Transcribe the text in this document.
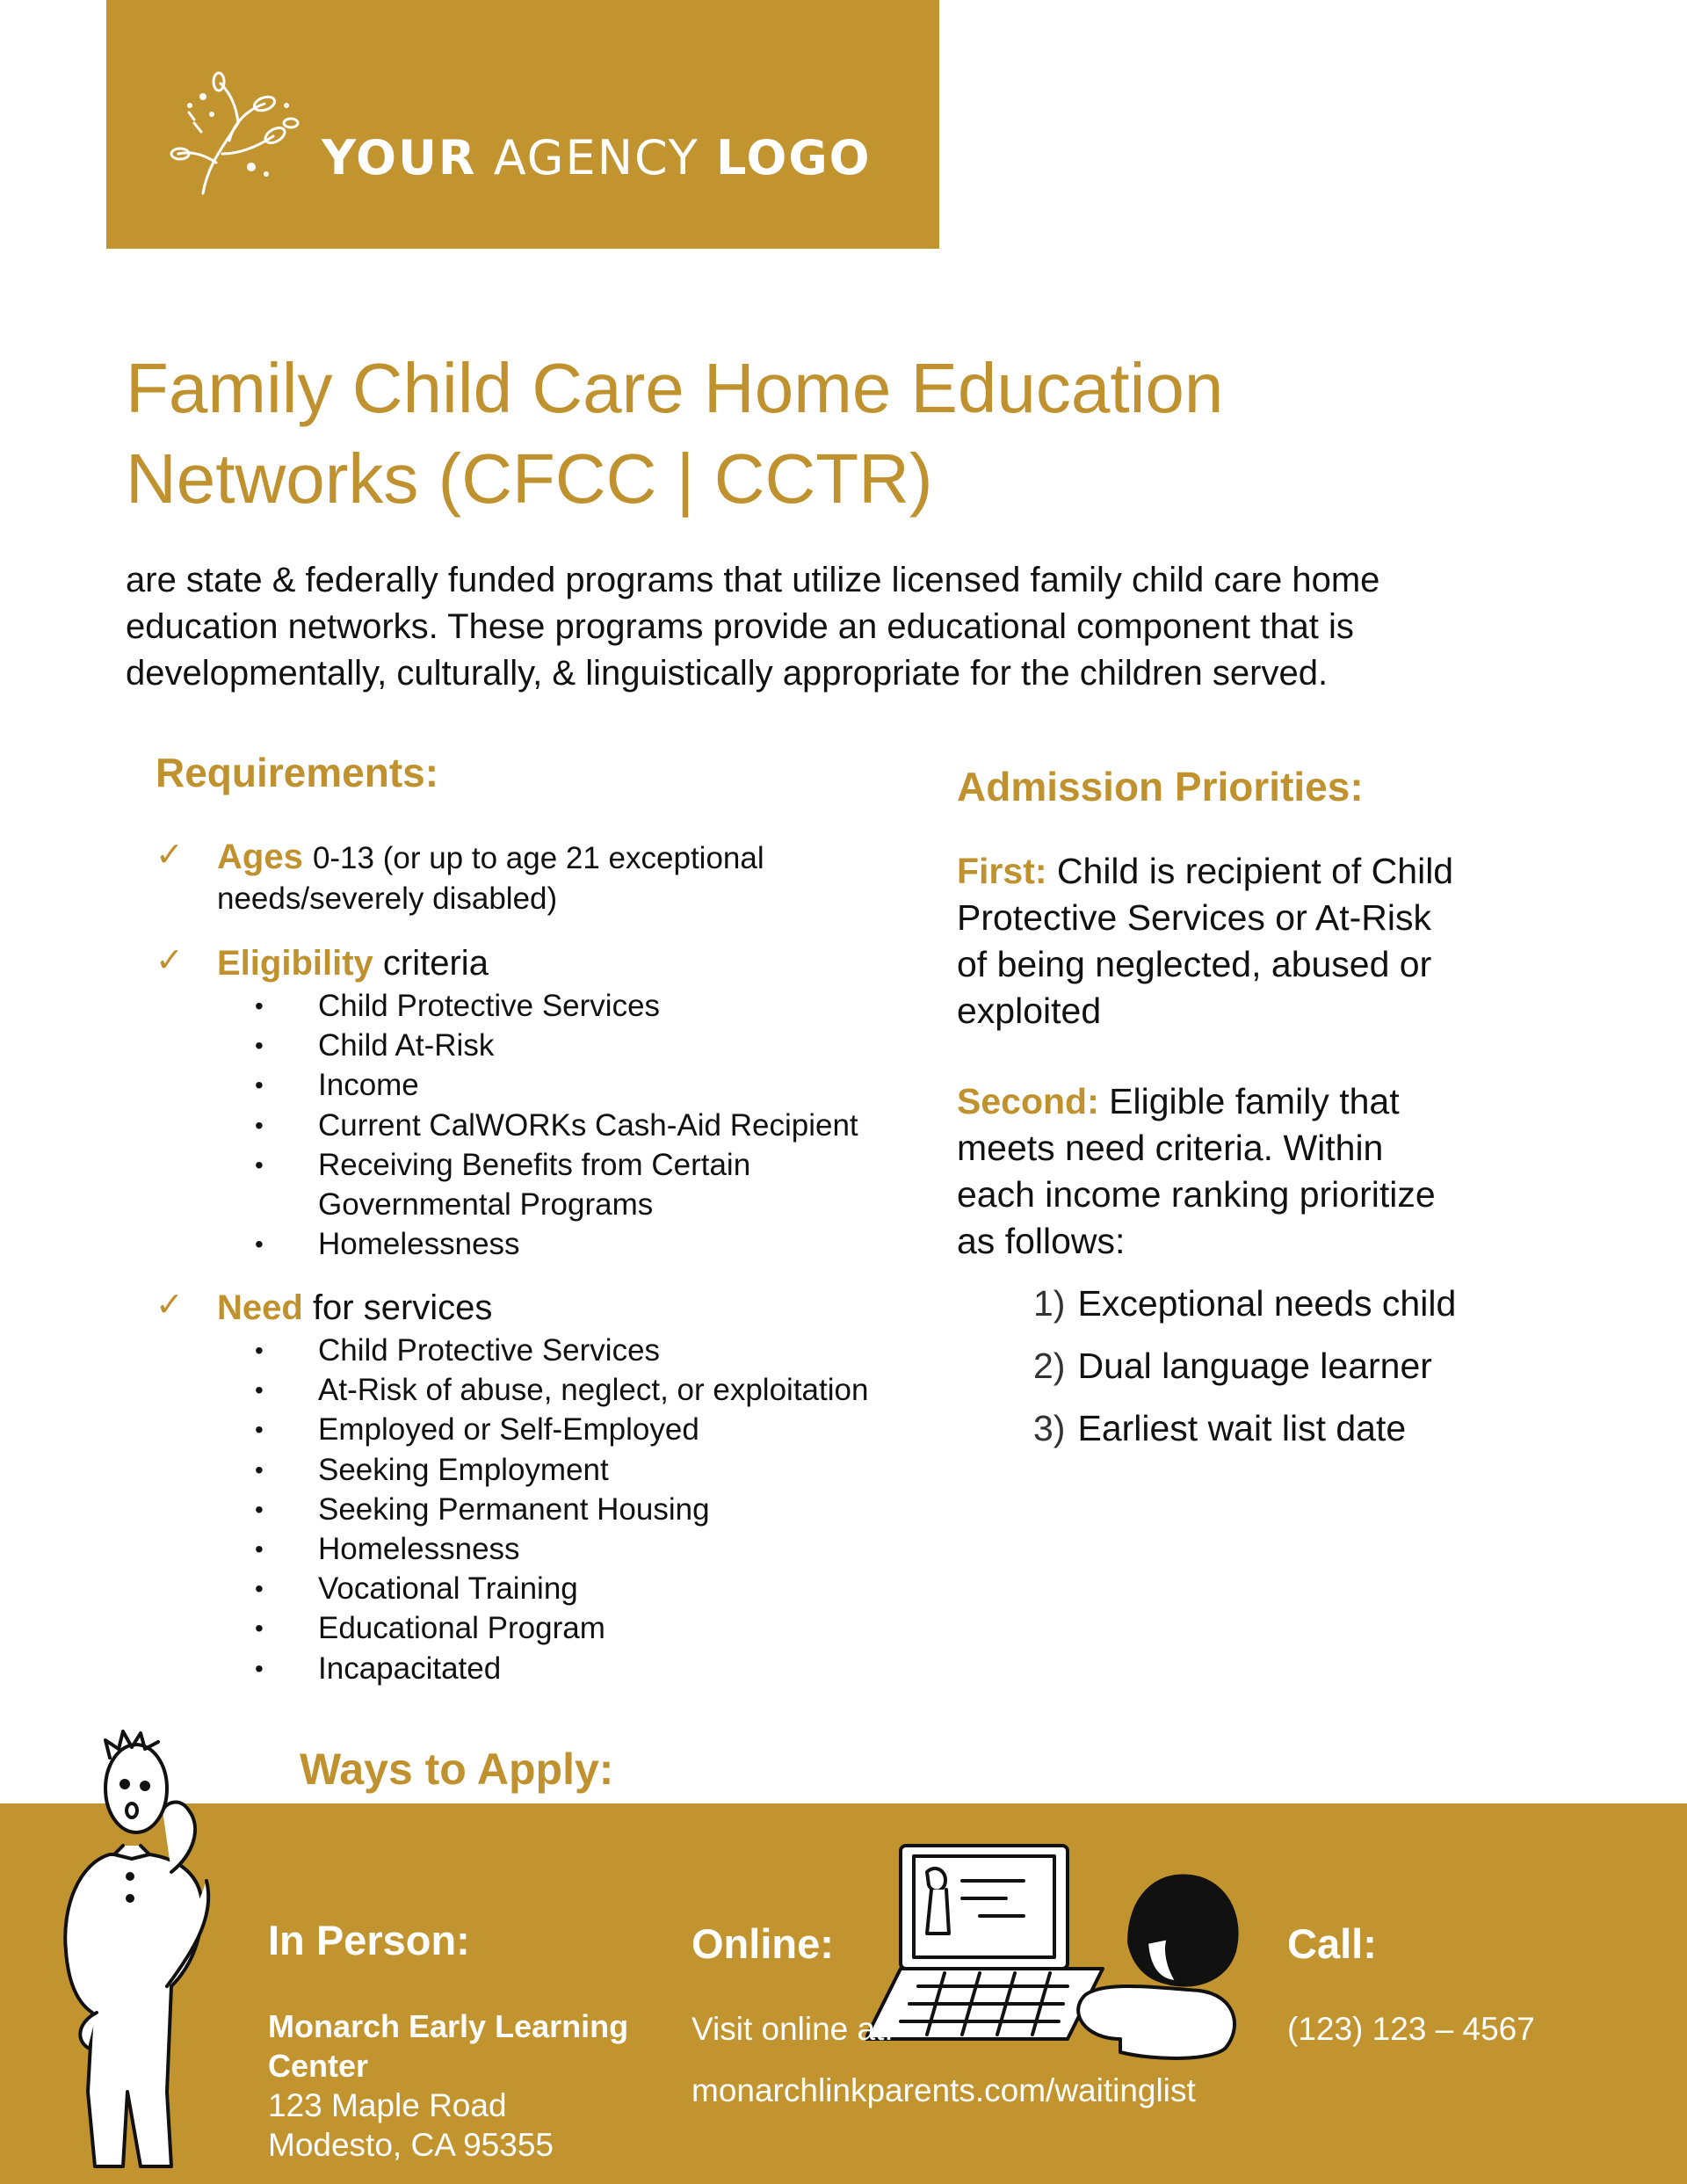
YOUR AGENCY LOGO
Family Child Care Home Education
Networks (CFCC | CCTR)
are state & federally funded programs that utilize licensed family child care home
education networks. These programs provide an educational component that is
developmentally, culturally, & linguistically appropriate for the children served.
Requirements:
✓ Ages 0-13 (or up to age 21 exceptional
needs/severely disabled)
✓ Eligibility criteria
• Child Protective Services
• Child At-Risk
• Income
• Current CalWORKs Cash-Aid Recipient
• Receiving Benefits from Certain
Governmental Programs
• Homelessness
✓ Need for services
• Child Protective Services
• At-Risk of abuse, neglect, or exploitation
• Employed or Self-Employed
• Seeking Employment
• Seeking Permanent Housing
• Homelessness
• Vocational Training
• Educational Program
• Incapacitated
Admission Priorities:
First: Child is recipient of Child
Protective Services or At-Risk
of being neglected, abused or
exploited
Second: Eligible family that
meets need criteria. Within
each income ranking prioritize
as follows:
1) Exceptional needs child
2) Dual language learner
3) Earliest wait list date
Ways to Apply:
In Person:
Monarch Early Learning
Center
123 Maple Road
Modesto, CA 95355
Online:
Visit online at:
monarchlinkparents.com/waitinglist
Call:
(123) 123 – 4567
